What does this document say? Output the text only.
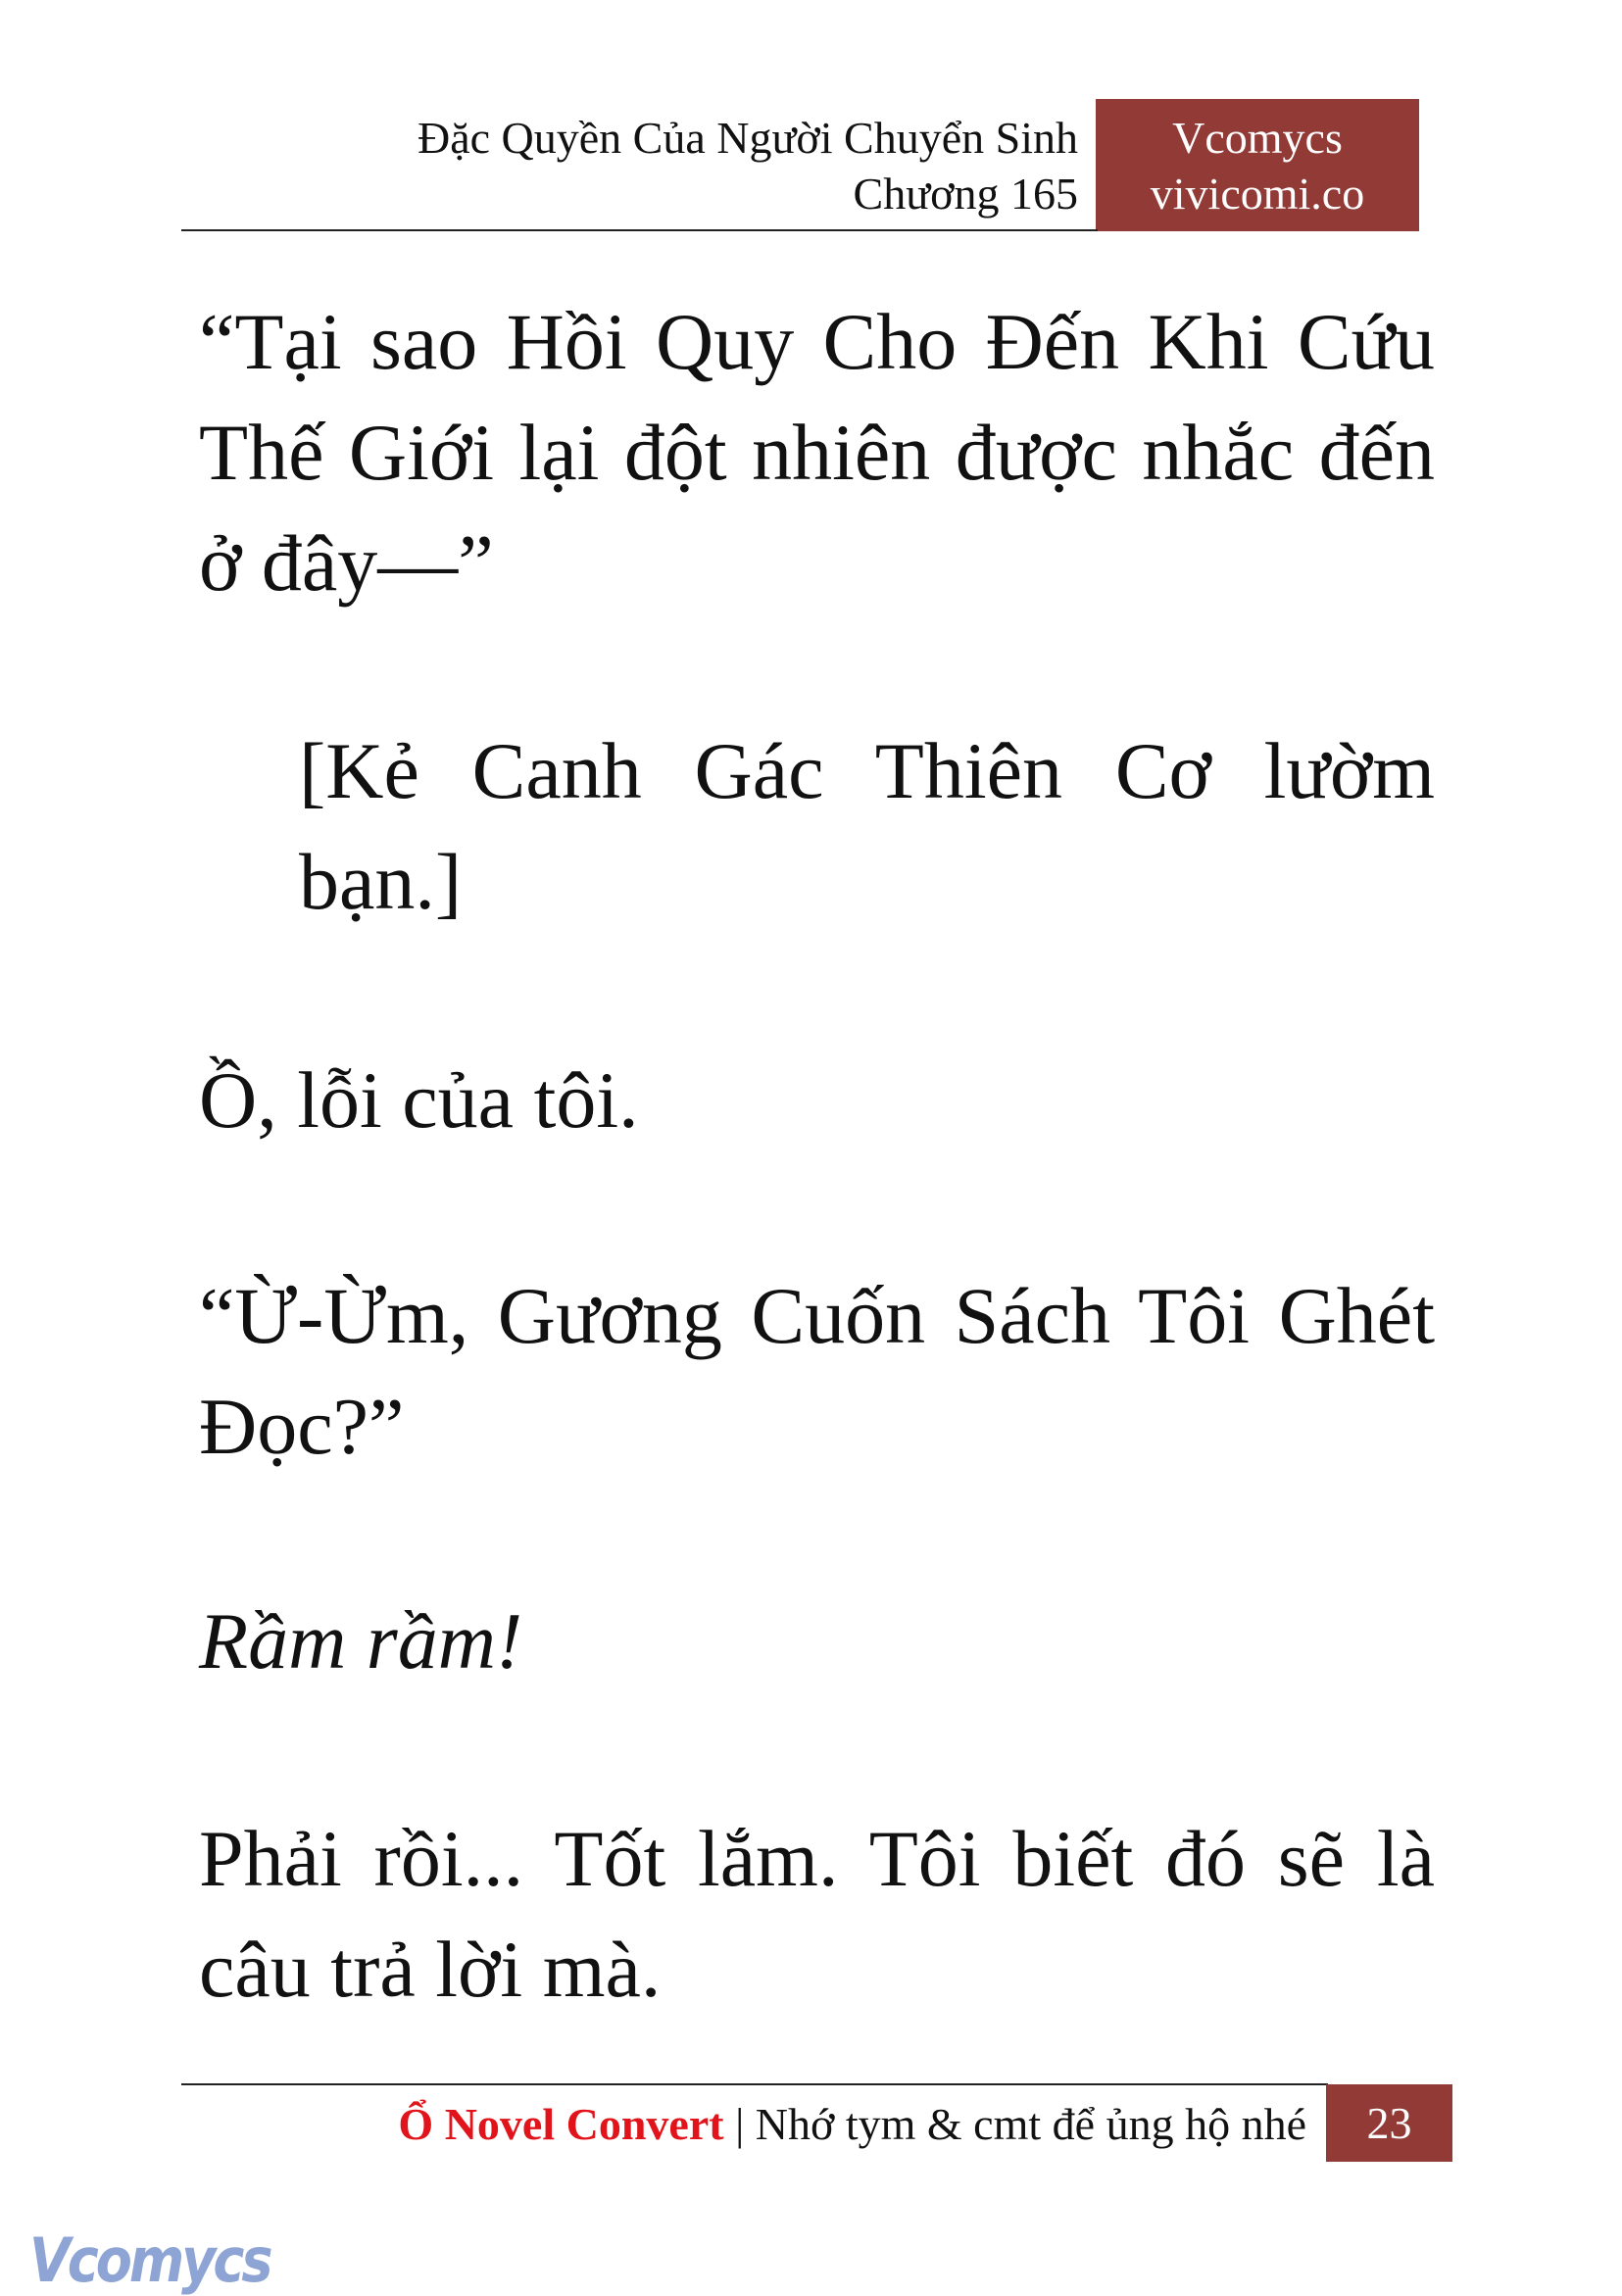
Đặc Quyền Của Người Chuyển Sinh
Chương 165
Vcomycs
vivicomi.co
“Tại sao Hồi Quy Cho Đến Khi Cứu
Thế Giới lại đột nhiên được nhắc đến
ở đây—”
[Kẻ Canh Gác Thiên Cơ lườm
bạn.]
Ồ, lỗi của tôi.
“Ừ-Ừm, Gương Cuốn Sách Tôi Ghét
Đọc?”
Rầm rầm!
Phải rồi... Tốt lắm. Tôi biết đó sẽ là
câu trả lời mà.
Ổ Novel Convert | Nhớ tym & cmt để ủng hộ nhé	23
Vcomycs
